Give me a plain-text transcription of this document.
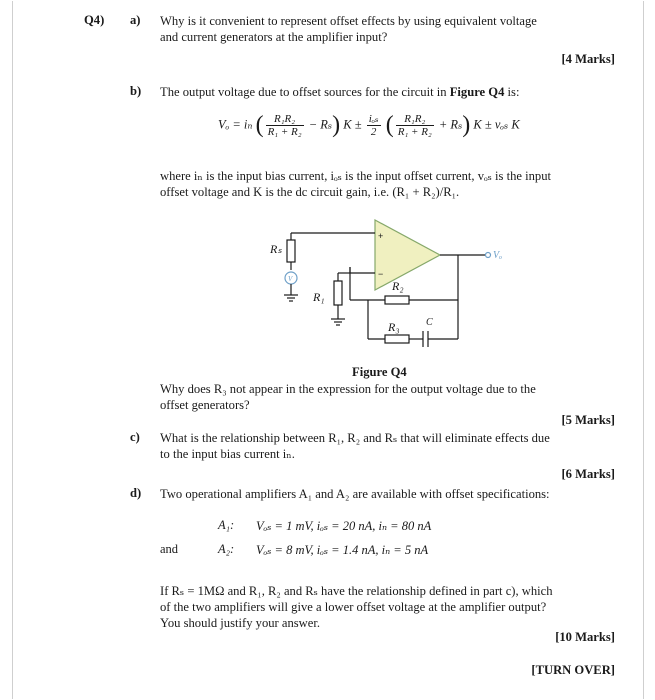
Q4) a) Why is it convenient to represent offset effects by using equivalent voltage
and current generators at the amplifier input?
[4 Marks]
b) The output voltage due to offset sources for the circuit in Figure Q4 is:
Vₒ = iₙ ( $\frac{\text{R₁R₂}}{\text{R₁ + R₂}} - R_s$) $K \pm \frac{\text{iₒₛ}}{2}$ ( $\frac{\text{R₁R₂}}{\text{R₁ + R₂}} + R_s$) K ± vₒₛ K
where iₙ is the input bias current, iₒₛ is the input offset current, vₒₛ is the input
offset voltage and K is the dc circuit gain, i.e. (R₁ + R₂)/R₁.
Rₛ
R₁
R₂
R₃	C
Vₒ
+
−
V
Figure Q4
Why does R₃ not appear in the expression for the output voltage due to the
offset generators?
[5 Marks]
c) What is the relationship between R₁, R₂ and Rₛ that will eliminate effects due
to the input bias current iₙ.
[6 Marks]
d) Two operational amplifiers A₁ and A₂ are available with offset specifications:
A₁: Vₒₛ = 1 mV, iₒₛ = 20 nA, iₙ = 80 nA
and	A₂: Vₒₛ = 8 mV, iₒₛ = 1.4 nA, iₙ = 5 nA
If Rₛ = 1MΩ and R₁, R₂ and Rₛ have the relationship defined in part c), which
of the two amplifiers will give a lower offset voltage at the amplifier output?
You should justify your answer.
[10 Marks]
[TURN OVER]
